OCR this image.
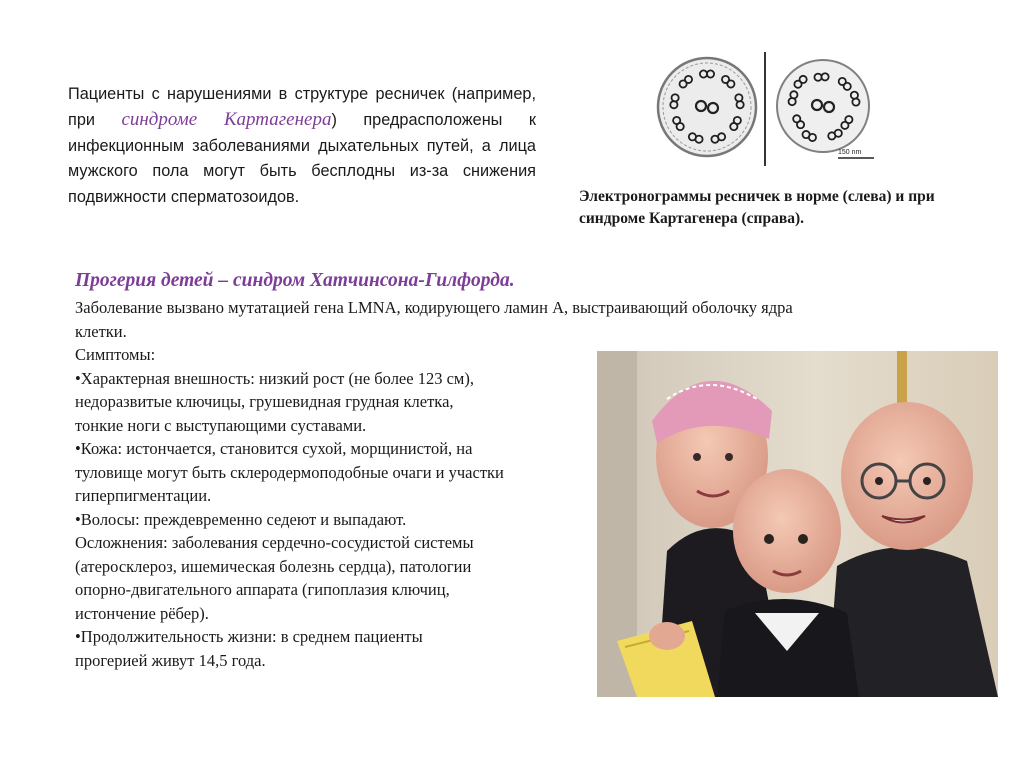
Пациенты с нарушениями в структуре ресничек (например, при синдроме Картагенера) предрасположены к инфекционным заболеваниями дыхательных путей, а лица мужского пола могут быть бесплодны из-за снижения подвижности сперматозоидов.

150 nm
Электронограммы ресничек в норме (слева) и при синдроме Картагенера (справа).
Прогерия детей – синдром Хатчинсона-Гилфорда.
Заболевание вызвано мутатацией гена LMNA, кодирующего ламин А, выстраивающий оболочку ядра
клетки.
Симптомы:
•Характерная внешность: низкий рост (не более 123 см),
недоразвитые ключицы, грушевидная грудная клетка,
тонкие ноги с выступающими суставами.
•Кожа: истончается, становится сухой, морщинистой, на
туловище могут быть склеродермоподобные очаги и участки
гиперпигментации.
•Волосы: преждевременно седеют и выпадают.
Осложнения: заболевания сердечно-сосудистой системы
(атеросклероз, ишемическая болезнь сердца), патологии
опорно-двигательного аппарата (гипоплазия ключиц,
истончение рёбер).
•Продолжительность жизни: в среднем пациенты
прогерией живут 14,5 года.
